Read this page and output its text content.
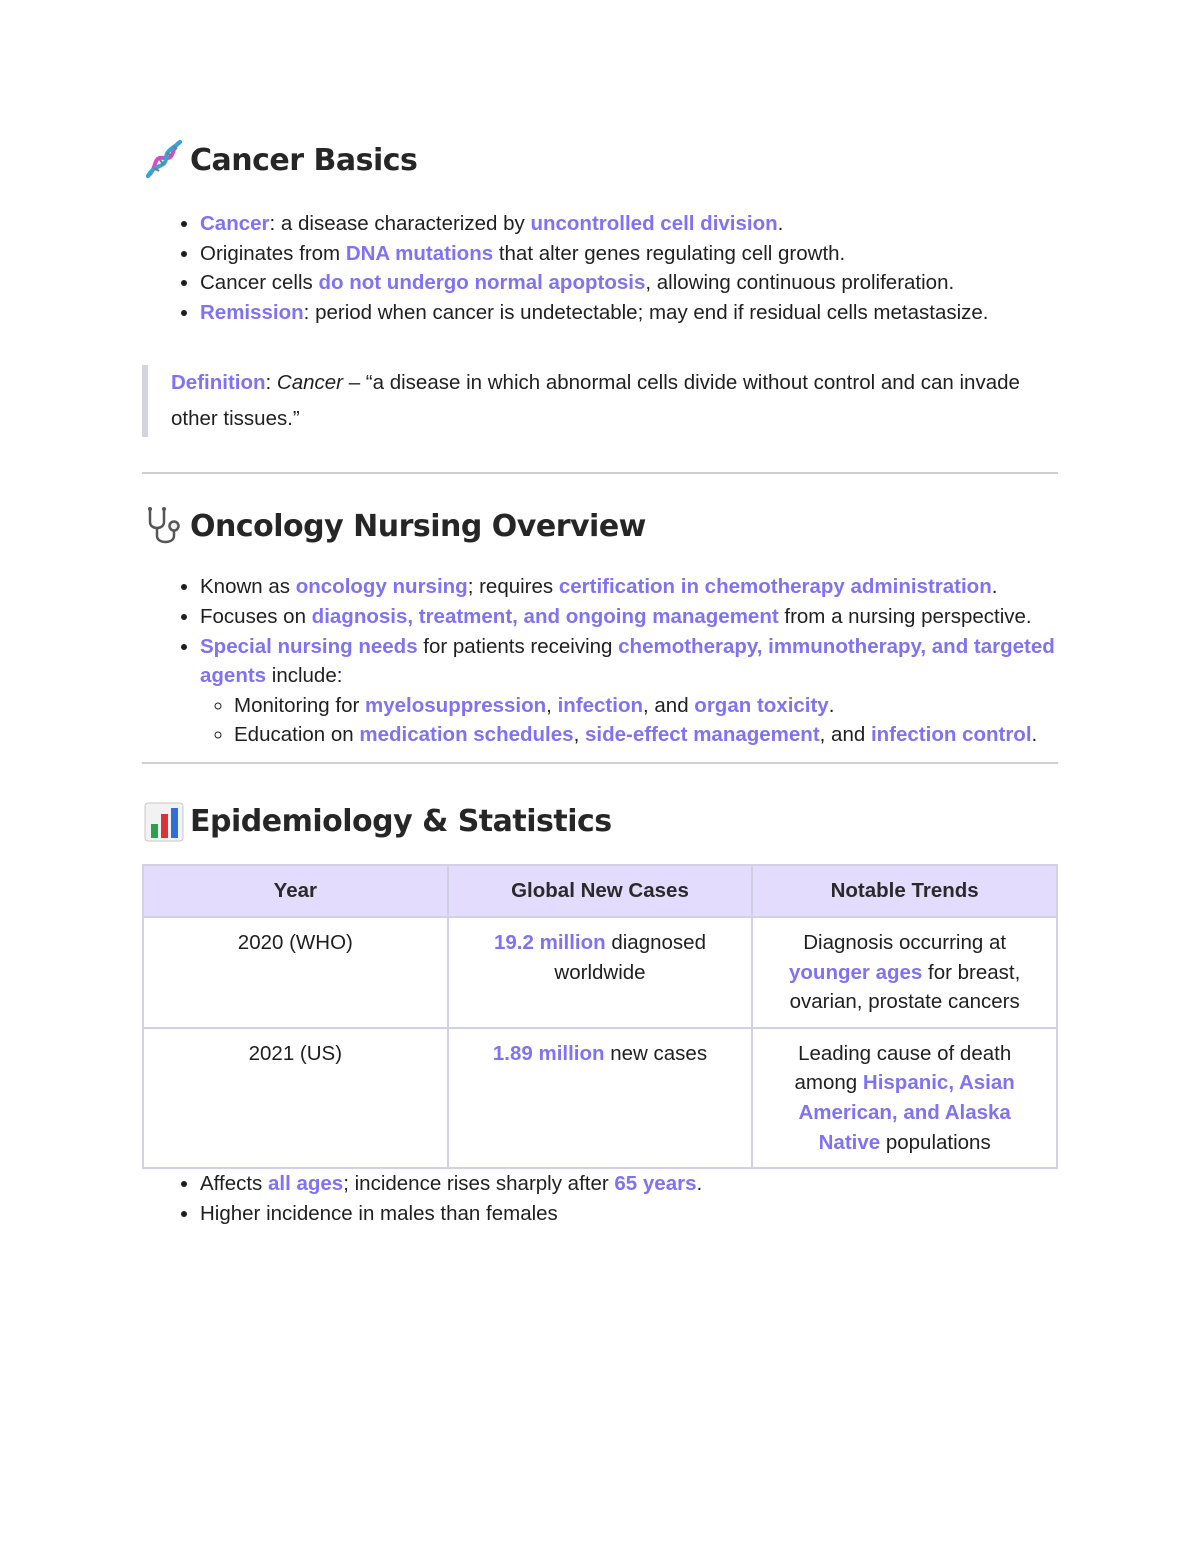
Cancer Basics
• Cancer: a disease characterized by uncontrolled cell division.
• Originates from DNA mutations that alter genes regulating cell growth.
• Cancer cells do not undergo normal apoptosis, allowing continuous proliferation.
• Remission: period when cancer is undetectable; may end if residual cells metastasize.
Definition: Cancer – “a disease in which abnormal cells divide without control and can invade other tissues.”
Oncology Nursing Overview
• Known as oncology nursing; requires certification in chemotherapy administration.
• Focuses on diagnosis, treatment, and ongoing management from a nursing perspective.
• Special nursing needs for patients receiving chemotherapy, immunotherapy, and targeted agents include:
◦ Monitoring for myelosuppression, infection, and organ toxicity.
◦ Education on medication schedules, side-effect management, and infection control.
Epidemiology & Statistics
Year	Global New Cases	Notable Trends
2020 (WHO)	19.2 million diagnosed worldwide	Diagnosis occurring at younger ages for breast, ovarian, prostate cancers
2021 (US)	1.89 million new cases	Leading cause of death among Hispanic, Asian American, and Alaska Native populations
• Affects all ages; incidence rises sharply after 65 years.
• Higher incidence in males than females
